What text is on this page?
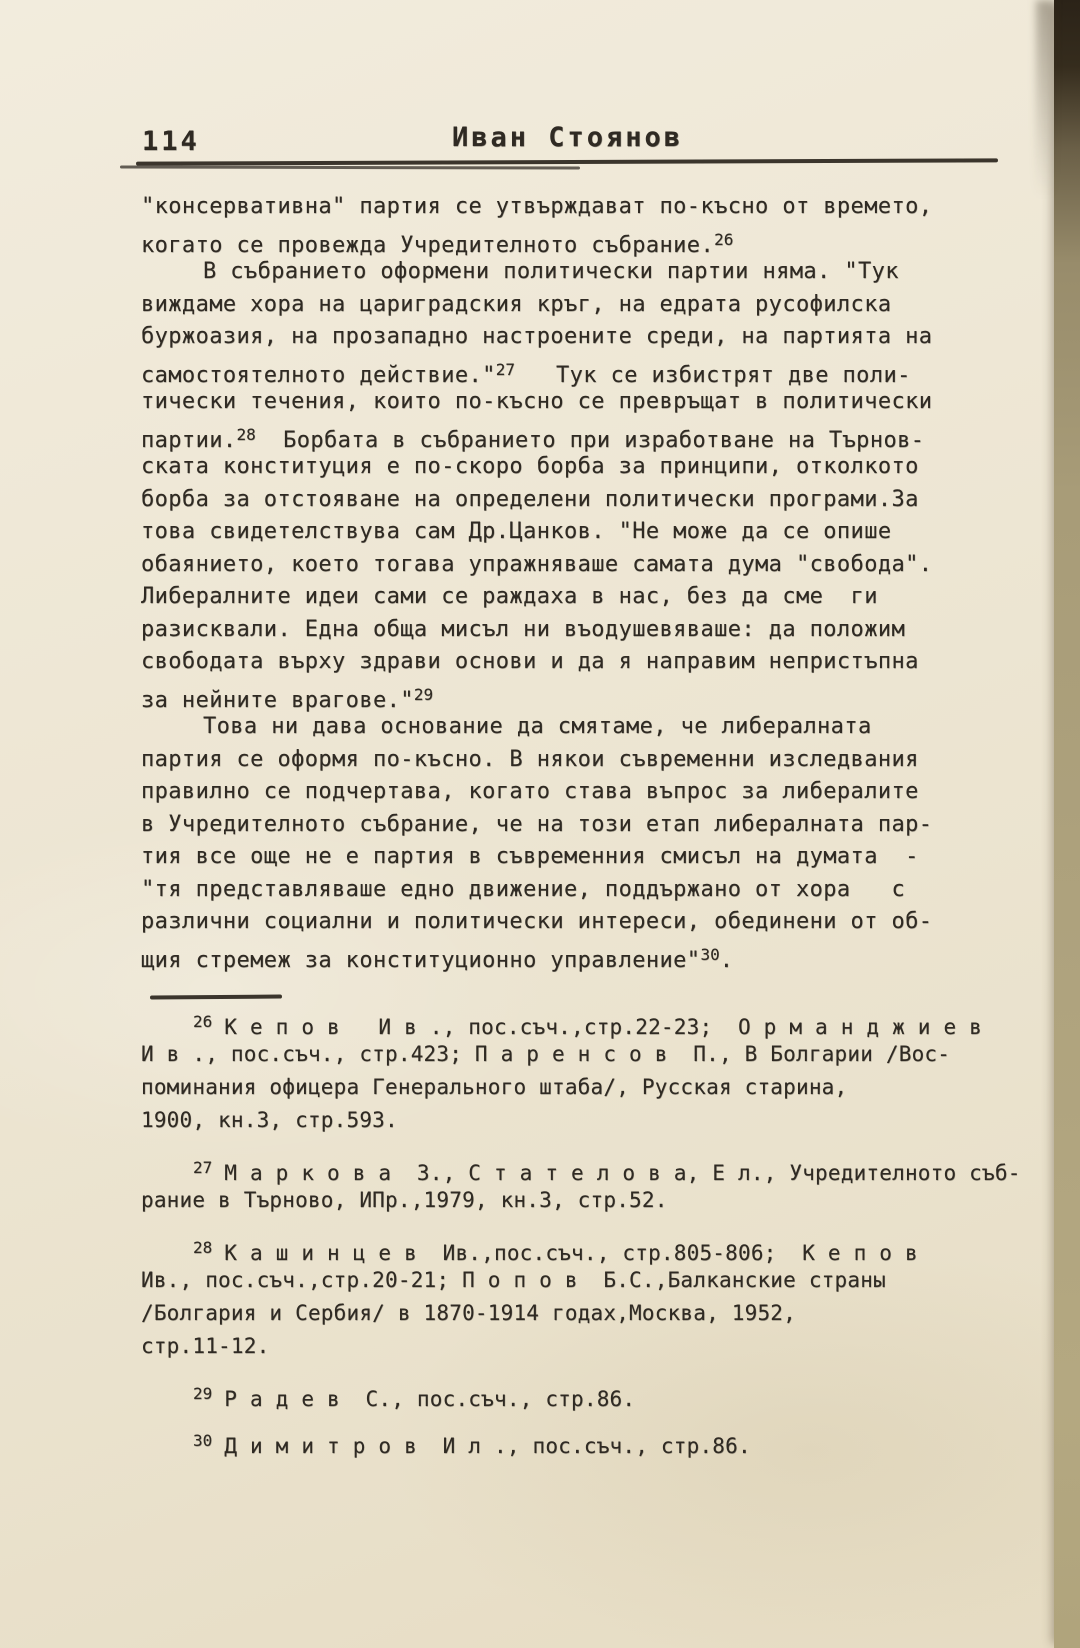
114	Иван Стоянов
"консервативна" партия се утвърждават по-късно от времето,
когато се провежда Учредителното събрание.$^{26}$
В събранието оформени политически партии няма. "Тук
виждаме хора на цариградския кръг, на едрата русофилска
буржоазия, на прозападно настроените среди, на партията на
самостоятелното действие."$^{27}$   Тук се избистрят две поли-
тически течения, които по-късно се превръщат в политически
партии.$^{28}$  Борбата в събранието при изработване на Търнов-
ската конституция е по-скоро борба за принципи, отколкото
борба за отстояване на определени политически програми.За
това свидетелствува сам Др.Цанков. "Не може да се опише
обаянието, което тогава упражняваше самата дума "свобода".
Либералните идеи сами се раждаха в нас, без да сме  ги
разисквали. Една обща мисъл ни въодушевяваше: да положим
свободата върху здрави основи и да я направим непристъпна
за нейните врагове."$^{29}$
Това ни дава основание да смятаме, че либералната
партия се оформя по-късно. В някои съвременни изследвания
правилно се подчертава, когато става въпрос за либералите
в Учредителното събрание, че на този етап либералната пар-
тия все още не е партия в съвременния смисъл на думата  -
"тя представляваше едно движение, поддържано от хора   с
различни социални и политически интереси, обединени от об-
щия стремеж за конституционно управление"$^{30}$.
$^{26}$ К е п о в   И в ., пос.съч.,стр.22-23;  О р м а н д ж и е в
И в ., пос.съч., стр.423; П а р е н с о в  П., В Болгарии /Вос-
поминания офицера Генерального штаба/, Русская старина,
1900, кн.3, стр.593.
$^{27}$ М а р к о в а  З., С т а т е л о в а, Е л., Учредителното съб-
рание в Търново, ИПр.,1979, кн.3, стр.52.
$^{28}$ К а ш и н ц е в  Ив.,пос.съч., стр.805-806;  К е п о в
Ив., пос.съч.,стр.20-21; П о п о в  Б.С.,Балканские страны
/Болгария и Сербия/ в 1870-1914 годах,Москва, 1952,
стр.11-12.
$^{29}$ Р а д е в  С., пос.съч., стр.86.
$^{30}$ Д и м и т р о в  И л ., пос.съч., стр.86.
